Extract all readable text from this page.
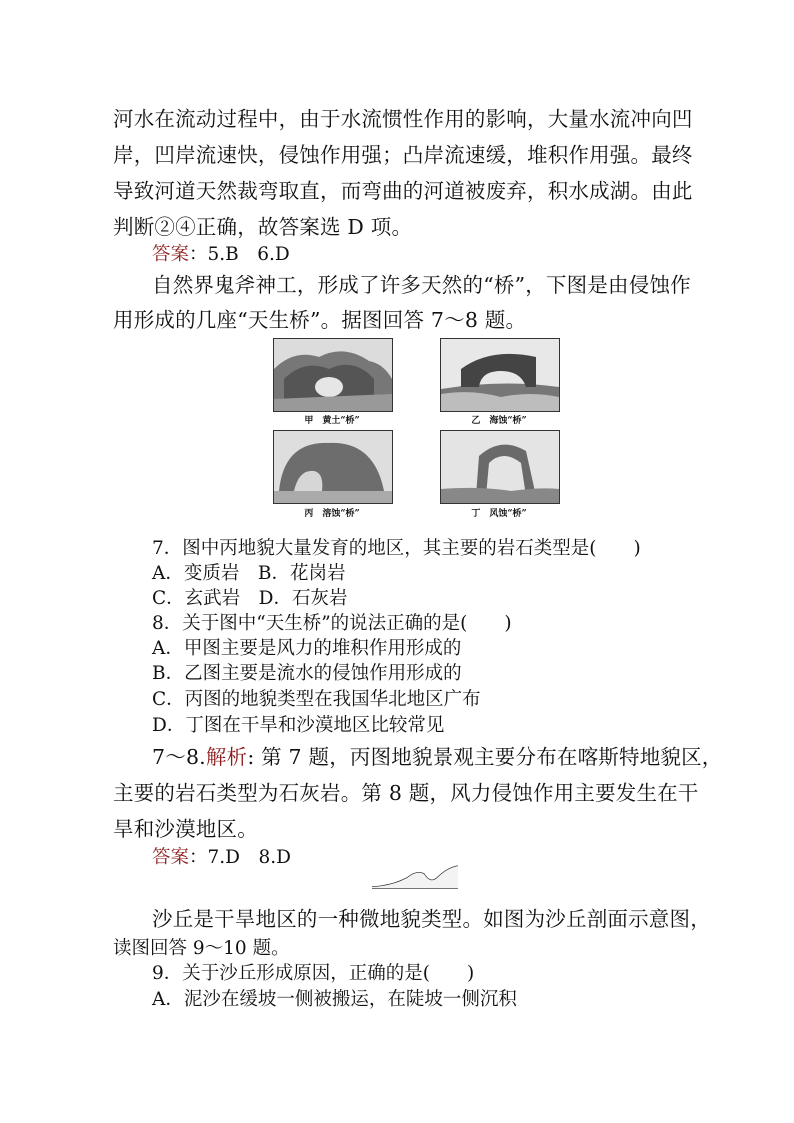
河水在流动过程中，由于水流惯性作用的影响，大量水流冲向凹
岸，凹岸流速快，侵蚀作用强；凸岸流速缓，堆积作用强。最终
导致河道天然裁弯取直，而弯曲的河道被废弃，积水成湖。由此
判断②④正确，故答案选 D 项。
答案：5.B　6.D
自然界鬼斧神工，形成了许多天然的“桥”，下图是由侵蚀作
用形成的几座“天生桥”。据图回答 7～8 题。
甲　黄土“桥”	乙　海蚀“桥”
丙　溶蚀“桥”	丁　风蚀“桥”
7．图中丙地貌大量发育的地区，其主要的岩石类型是(　　)
A．变质岩　B．花岗岩
C．玄武岩　D．石灰岩
8．关于图中“天生桥”的说法正确的是(　　)
A．甲图主要是风力的堆积作用形成的
B．乙图主要是流水的侵蚀作用形成的
C．丙图的地貌类型在我国华北地区广布
D．丁图在干旱和沙漠地区比较常见
7～8.解析: 第 7 题，丙图地貌景观主要分布在喀斯特地貌区，
主要的岩石类型为石灰岩。第 8 题，风力侵蚀作用主要发生在干
旱和沙漠地区。
答案：7.D　8.D
沙丘是干旱地区的一种微地貌类型。如图为沙丘剖面示意图，
读图回答 9～10 题。
9．关于沙丘形成原因，正确的是(　　)
A．泥沙在缓坡一侧被搬运，在陡坡一侧沉积
